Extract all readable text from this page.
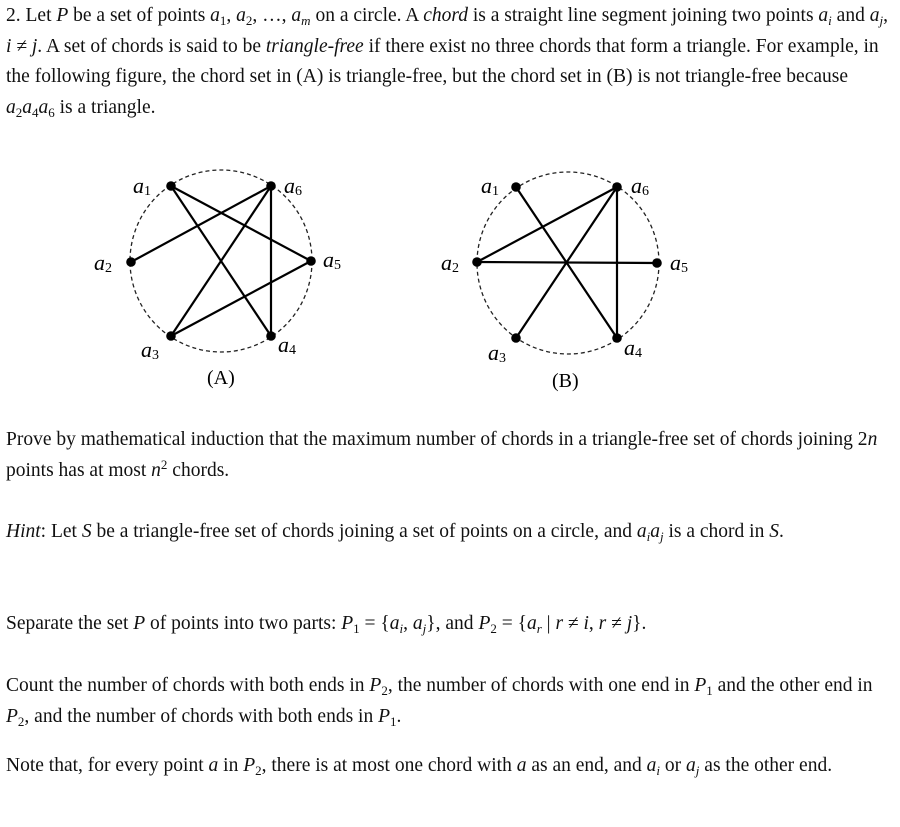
2. Let P be a set of points $a_1$, $a_2$, …, $a_m$ on a circle. A chord is a straight line segment joining two points $a_i$ and $a_j$, i ≠ j. A set of chords is said to be triangle-free if there exist no three chords that form a triangle. For example, in the following figure, the chord set in (A) is triangle-free, but the chord set in (B) is not triangle-free because $a_2a_4a_6$ is a triangle.

a1	a6
a2	a5
a3	a4
(A)
a1	a6
a2	a5
a3	a4
(B)

Prove by mathematical induction that the maximum number of chords in a triangle-free set of chords joining 2n points has at most $n^2$ chords.

Hint: Let S be a triangle-free set of chords joining a set of points on a circle, and $a_ia_j$ is a chord in S.

Separate the set P of points into two parts: $P_1 = \{a_i$, $a_j$}, and $P_2 = \{a_r$ | r ≠ i, r ≠ j}.

Count the number of chords with both ends in $P_2$, the number of chords with one end in $P_1$ and the other end in $P_2$, and the number of chords with both ends in $P_1$.

Note that, for every point a in $P_2$, there is at most one chord with a as an end, and $a_i$ or $a_j$ as the other end.
